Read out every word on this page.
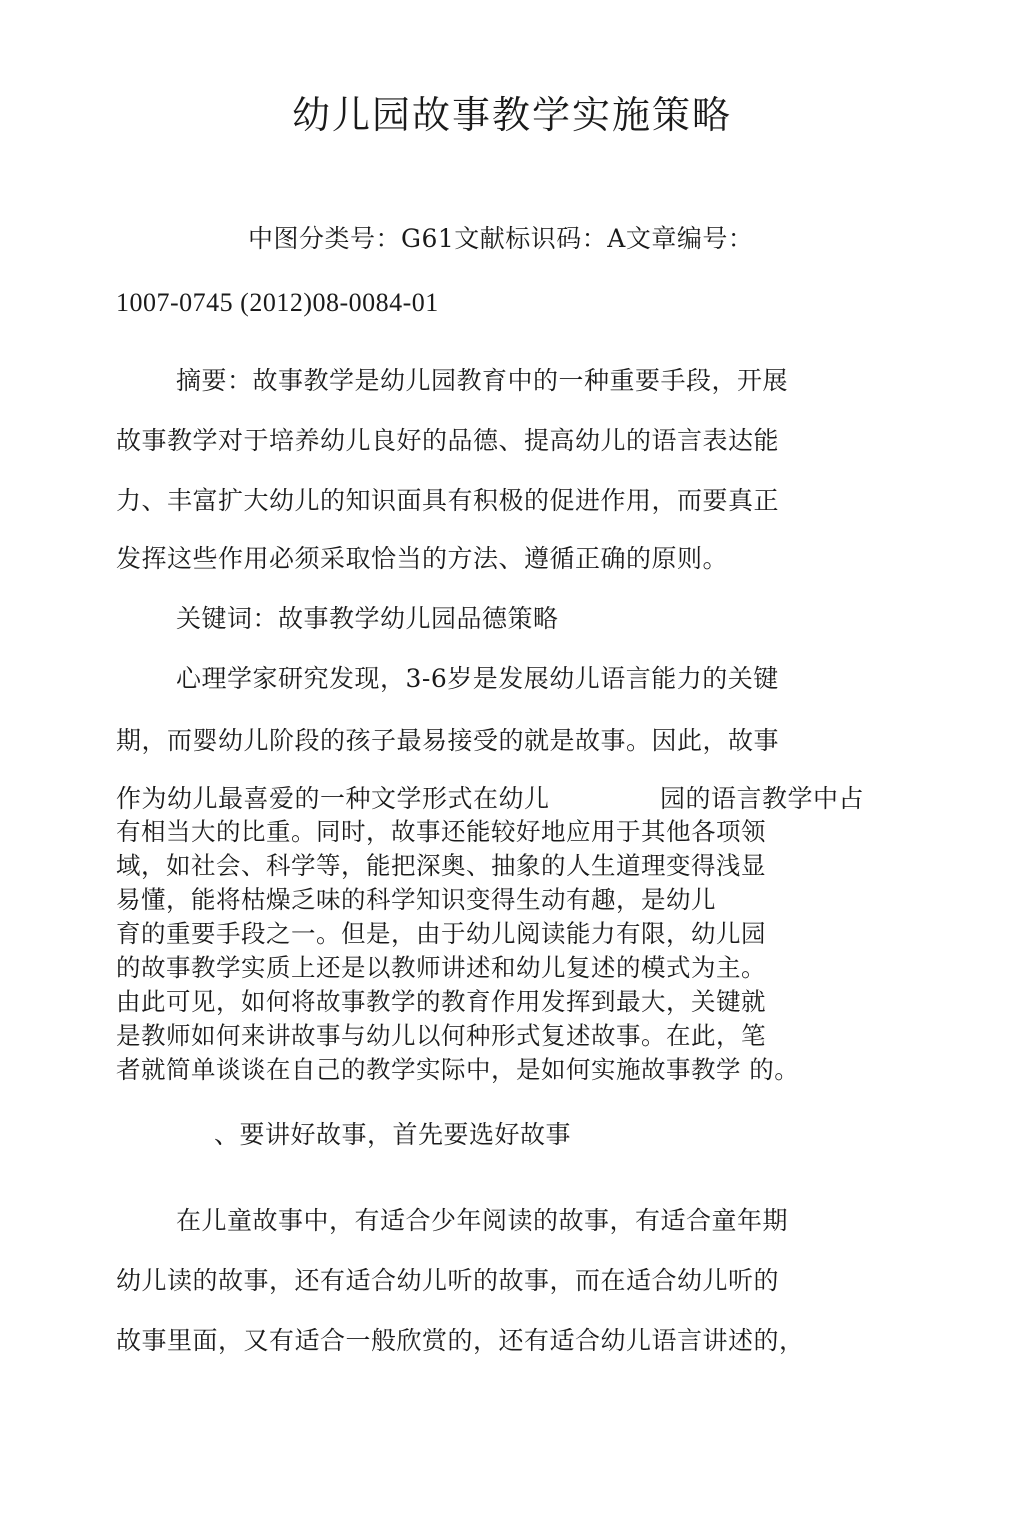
幼儿园故事教学实施策略
中图分类号：G61文献标识码：A文章编号：
1007-0745 (2012)08-0084-01
摘要：故事教学是幼儿园教育中的一种重要手段，开展
故事教学对于培养幼儿良好的品德、提高幼儿的语言表达能
力、丰富扩大幼儿的知识面具有积极的促进作用，而要真正
发挥这些作用必须采取恰当的方法、遵循正确的原则。
关键词：故事教学幼儿园品德策略
心理学家研究发现，3-6岁是发展幼儿语言能力的关键
期，而婴幼儿阶段的孩子最易接受的就是故事。因此，故事
作为幼儿最喜爱的一种文学形式在幼儿	园的语言教学中占
有相当大的比重。同时，故事还能较好地应用于其他各项领
域，如社会、科学等，能把深奥、抽象的人生道理变得浅显
易懂，能将枯燥乏味的科学知识变得生动有趣，是幼儿
育的重要手段之一。但是，由于幼儿阅读能力有限，幼儿园
的故事教学实质上还是以教师讲述和幼儿复述的模式为主。
由此可见，如何将故事教学的教育作用发挥到最大，关键就
是教师如何来讲故事与幼儿以何种形式复述故事。在此，笔
者就简单谈谈在自己的教学实际中，是如何实施故事教学 的。
、要讲好故事，首先要选好故事
在儿童故事中，有适合少年阅读的故事，有适合童年期
幼儿读的故事，还有适合幼儿听的故事，而在适合幼儿听的
故事里面，又有适合一般欣赏的，还有适合幼儿语言讲述的，
